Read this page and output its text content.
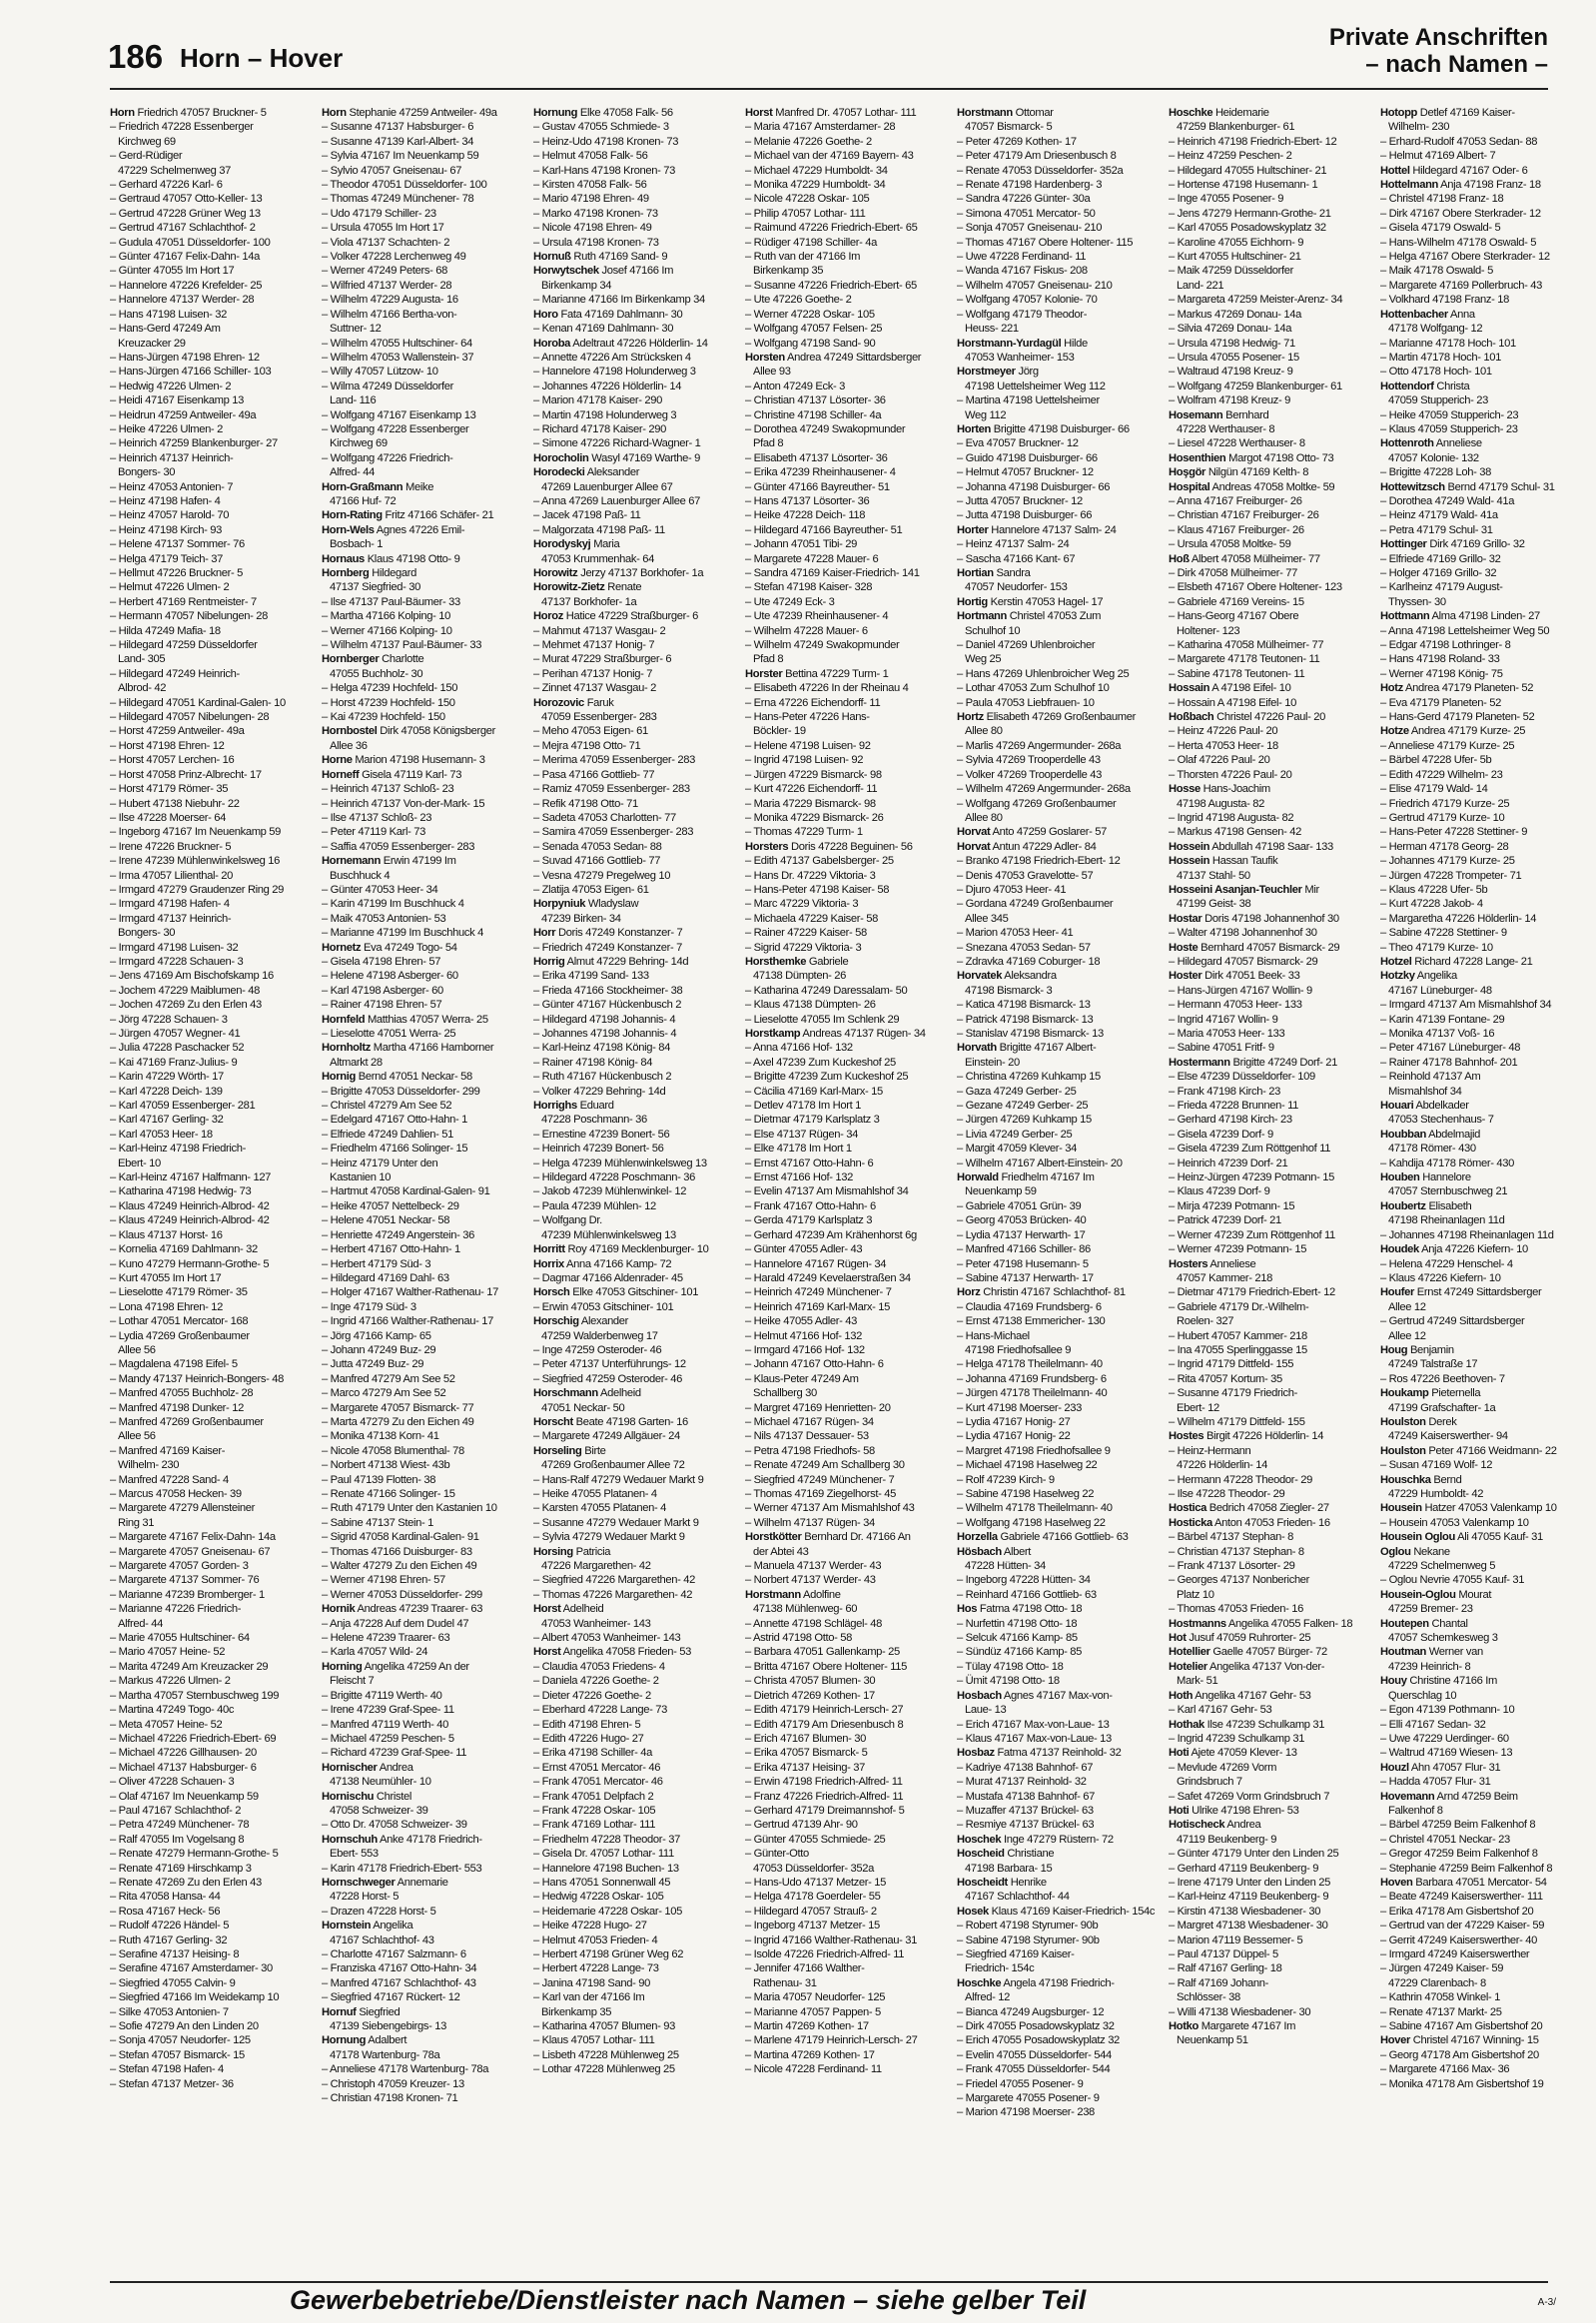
186 Horn – Hover
Private Anschriften
– nach Namen –
Horn Friedrich 47057 Bruckner- 5
– Friedrich 47228 Essenberger
Kirchweg 69
– Gerd-Rüdiger
47229 Schelmenweg 37
– Gerhard 47226 Karl- 6
– Gertraud 47057 Otto-Keller- 13
– Gertrud 47228 Grüner Weg 13
– Gertrud 47167 Schlachthof- 2
– Gudula 47051 Düsseldorfer- 100
– Günter 47167 Felix-Dahn- 14a
– Günter 47055 Im Hort 17
– Hannelore 47226 Krefelder- 25
– Hannelore 47137 Werder- 28
– Hans 47198 Luisen- 32
– Hans-Gerd 47249 Am
Kreuzacker 29
– Hans-Jürgen 47198 Ehren- 12
– Hans-Jürgen 47166 Schiller- 103
– Hedwig 47226 Ulmen- 2
– Heidi 47167 Eisenkamp 13
– Heidrun 47259 Antweiler- 49a
– Heike 47226 Ulmen- 2
– Heinrich 47259 Blankenburger- 27
– Heinrich 47137 Heinrich-
Bongers- 30
– Heinz 47053 Antonien- 7
– Heinz 47198 Hafen- 4
– Heinz 47057 Harold- 70
– Heinz 47198 Kirch- 93
– Helene 47137 Sommer- 76
– Helga 47179 Teich- 37
– Hellmut 47226 Bruckner- 5
– Helmut 47226 Ulmen- 2
– Herbert 47169 Rentmeister- 7
– Hermann 47057 Nibelungen- 28
– Hilda 47249 Mafia- 18
– Hildegard 47259 Düsseldorfer
Land- 305
– Hildegard 47249 Heinrich-
Albrod- 42
– Hildegard 47051 Kardinal-Galen- 10
– Hildegard 47057 Nibelungen- 28
– Horst 47259 Antweiler- 49a
– Horst 47198 Ehren- 12
– Horst 47057 Lerchen- 16
– Horst 47058 Prinz-Albrecht- 17
– Horst 47179 Römer- 35
– Hubert 47138 Niebuhr- 22
– Ilse 47228 Moerser- 64
– Ingeborg 47167 Im Neuenkamp 59
– Irene 47226 Bruckner- 5
– Irene 47239 Mühlenwinkelsweg 16
– Irma 47057 Lilienthal- 20
– Irmgard 47279 Graudenzer Ring 29
– Irmgard 47198 Hafen- 4
– Irmgard 47137 Heinrich-
Bongers- 30
– Irmgard 47198 Luisen- 32
– Irmgard 47228 Schauen- 3
– Jens 47169 Am Bischofskamp 16
– Jochem 47229 Maiblumen- 48
– Jochen 47269 Zu den Erlen 43
– Jörg 47228 Schauen- 3
– Jürgen 47057 Wegner- 41
– Julia 47228 Paschacker 52
– Kai 47169 Franz-Julius- 9
– Karin 47229 Wörth- 17
– Karl 47228 Deich- 139
– Karl 47059 Essenberger- 281
– Karl 47167 Gerling- 32
– Karl 47053 Heer- 18
– Karl-Heinz 47198 Friedrich-
Ebert- 10
– Karl-Heinz 47167 Halfmann- 127
– Katharina 47198 Hedwig- 73
– Klaus 47249 Heinrich-Albrod- 42
– Klaus 47249 Heinrich-Albrod- 42
– Klaus 47137 Horst- 16
– Kornelia 47169 Dahlmann- 32
– Kuno 47279 Hermann-Grothe- 5
– Kurt 47055 Im Hort 17
– Lieselotte 47179 Römer- 35
– Lona 47198 Ehren- 12
– Lothar 47051 Mercator- 168
– Lydia 47269 Großenbaumer
Allee 56
– Magdalena 47198 Eifel- 5
– Mandy 47137 Heinrich-Bongers- 48
– Manfred 47055 Buchholz- 28
– Manfred 47198 Dunker- 12
– Manfred 47269 Großenbaumer
Allee 56
– Manfred 47169 Kaiser-
Wilhelm- 230
– Manfred 47228 Sand- 4
– Marcus 47058 Hecken- 39
– Margarete 47279 Allensteiner
Ring 31
– Margarete 47167 Felix-Dahn- 14a
– Margarete 47057 Gneisenau- 67
– Margarete 47057 Gorden- 3
– Margarete 47137 Sommer- 76
– Marianne 47239 Bromberger- 1
– Marianne 47226 Friedrich-
Alfred- 44
– Marie 47055 Hultschiner- 64
– Mario 47057 Heine- 52
– Marita 47249 Am Kreuzacker 29
– Markus 47226 Ulmen- 2
– Martha 47057 Sternbuschweg 199
– Martina 47249 Togo- 40c
– Meta 47057 Heine- 52
– Michael 47226 Friedrich-Ebert- 69
– Michael 47226 Gillhausen- 20
– Michael 47137 Habsburger- 6
– Oliver 47228 Schauen- 3
– Olaf 47167 Im Neuenkamp 59
– Paul 47167 Schlachthof- 2
– Petra 47249 Münchener- 78
– Ralf 47055 Im Vogelsang 8
– Renate 47279 Hermann-Grothe- 5
– Renate 47169 Hirschkamp 3
– Renate 47269 Zu den Erlen 43
– Rita 47058 Hansa- 44
– Rosa 47167 Heck- 56
– Rudolf 47226 Händel- 5
– Ruth 47167 Gerling- 32
– Serafine 47137 Heising- 8
– Serafine 47167 Amsterdamer- 30
– Siegfried 47055 Calvin- 9
– Siegfried 47166 Im Weidekamp 10
– Silke 47053 Antonien- 7
– Sofie 47279 An den Linden 20
– Sonja 47057 Neudorfer- 125
– Stefan 47057 Bismarck- 15
– Stefan 47198 Hafen- 4
– Stefan 47137 Metzer- 36
Horn Stephanie 47259 Antweiler- 49a
– Susanne 47137 Habsburger- 6
– Susanne 47139 Karl-Albert- 34
– Sylvia 47167 Im Neuenkamp 59
– Sylvio 47057 Gneisenau- 67
– Theodor 47051 Düsseldorfer- 100
– Thomas 47249 Münchener- 78
– Udo 47179 Schiller- 23
– Ursula 47055 Im Hort 17
– Viola 47137 Schachten- 2
– Volker 47228 Lerchenweg 49
– Werner 47249 Peters- 68
– Wilfried 47137 Werder- 28
– Wilhelm 47229 Augusta- 16
– Wilhelm 47166 Bertha-von-
Suttner- 12
– Wilhelm 47055 Hultschiner- 64
– Wilhelm 47053 Wallenstein- 37
– Willy 47057 Lützow- 10
– Wilma 47249 Düsseldorfer
Land- 116
– Wolfgang 47167 Eisenkamp 13
– Wolfgang 47228 Essenberger
Kirchweg 69
– Wolfgang 47226 Friedrich-
Alfred- 44
Horn-Graßmann Meike
47166 Huf- 72
Horn-Rating Fritz 47166 Schäfer- 21
Horn-Wels Agnes 47226 Emil-
Bosbach- 1
Hornaus Klaus 47198 Otto- 9
Hornberg Hildegard
47137 Siegfried- 30
– Ilse 47137 Paul-Bäumer- 33
– Martha 47166 Kolping- 10
– Werner 47166 Kolping- 10
– Wilhelm 47137 Paul-Bäumer- 33
Hornberger Charlotte
47055 Buchholz- 30
– Helga 47239 Hochfeld- 150
– Horst 47239 Hochfeld- 150
– Kai 47239 Hochfeld- 150
Hornbostel Dirk 47058 Königsberger
Allee 36
Horne Marion 47198 Husemann- 3
Horneff Gisela 47119 Karl- 73
– Heinrich 47137 Schloß- 23
– Heinrich 47137 Von-der-Mark- 15
– Ilse 47137 Schloß- 23
– Peter 47119 Karl- 73
– Saffia 47059 Essenberger- 283
Hornemann Erwin 47199 Im
Buschhuck 4
– Günter 47053 Heer- 34
– Karin 47199 Im Buschhuck 4
– Maik 47053 Antonien- 53
– Marianne 47199 Im Buschhuck 4
Hornetz Eva 47249 Togo- 54
– Gisela 47198 Ehren- 57
– Helene 47198 Asberger- 60
– Karl 47198 Asberger- 60
– Rainer 47198 Ehren- 57
Hornfeld Matthias 47057 Werra- 25
– Lieselotte 47051 Werra- 25
Hornholtz Martha 47166 Hamborner
Altmarkt 28
Hornig Bernd 47051 Neckar- 58
– Brigitte 47053 Düsseldorfer- 299
– Christel 47279 Am See 52
– Edelgard 47167 Otto-Hahn- 1
– Elfriede 47249 Dahlien- 51
– Friedhelm 47166 Solinger- 15
– Heinz 47179 Unter den
Kastanien 10
– Hartmut 47058 Kardinal-Galen- 91
– Heike 47057 Nettelbeck- 29
– Helene 47051 Neckar- 58
– Henriette 47249 Angerstein- 36
– Herbert 47167 Otto-Hahn- 1
– Herbert 47179 Süd- 3
– Hildegard 47169 Dahl- 63
– Holger 47167 Walther-Rathenau- 17
– Inge 47179 Süd- 3
– Ingrid 47166 Walther-Rathenau- 17
– Jörg 47166 Kamp- 65
– Johann 47249 Buz- 29
– Jutta 47249 Buz- 29
– Manfred 47279 Am See 52
– Marco 47279 Am See 52
– Margarete 47057 Bismarck- 77
– Marta 47279 Zu den Eichen 49
– Monika 47138 Korn- 41
– Nicole 47058 Blumenthal- 78
– Norbert 47138 Wiest- 43b
– Paul 47139 Flotten- 38
– Renate 47166 Solinger- 15
– Ruth 47179 Unter den Kastanien 10
– Sabine 47137 Stein- 1
– Sigrid 47058 Kardinal-Galen- 91
– Thomas 47166 Duisburger- 83
– Walter 47279 Zu den Eichen 49
– Werner 47198 Ehren- 57
– Werner 47053 Düsseldorfer- 299
Hornik Andreas 47239 Traarer- 63
– Anja 47228 Auf dem Dudel 47
– Helene 47239 Traarer- 63
– Karla 47057 Wild- 24
Horning Angelika 47259 An der
Fleischt 7
– Brigitte 47119 Werth- 40
– Irene 47239 Graf-Spee- 11
– Manfred 47119 Werth- 40
– Michael 47259 Peschen- 5
– Richard 47239 Graf-Spee- 11
Hornischer Andrea
47138 Neumühler- 10
Hornischu Christel
47058 Schweizer- 39
– Otto Dr. 47058 Schweizer- 39
Hornschuh Anke 47178 Friedrich-
Ebert- 553
– Karin 47178 Friedrich-Ebert- 553
Hornschweger Annemarie
47228 Horst- 5
– Drazen 47228 Horst- 5
Hornstein Angelika
47167 Schlachthof- 43
– Charlotte 47167 Salzmann- 6
– Franziska 47167 Otto-Hahn- 34
– Manfred 47167 Schlachthof- 43
– Siegfried 47167 Rückert- 12
Hornuf Siegfried
47139 Siebengebirgs- 13
Hornung Adalbert
47178 Wartenburg- 78a
– Anneliese 47178 Wartenburg- 78a
– Christoph 47059 Kreuzer- 13
– Christian 47198 Kronen- 71
Hornung Elke 47058 Falk- 56
– Gustav 47055 Schmiede- 3
– Heinz-Udo 47198 Kronen- 73
– Helmut 47058 Falk- 56
– Karl-Hans 47198 Kronen- 73
– Kirsten 47058 Falk- 56
– Mario 47198 Ehren- 49
– Marko 47198 Kronen- 73
– Nicole 47198 Ehren- 49
– Ursula 47198 Kronen- 73
Hornuß Ruth 47169 Sand- 9
Horwytschek Josef 47166 Im
Birkenkamp 34
– Marianne 47166 Im Birkenkamp 34
Horo Fata 47169 Dahlmann- 30
– Kenan 47169 Dahlmann- 30
Horoba Adeltraut 47226 Hölderlin- 14
– Annette 47226 Am Strücksken 4
– Hannelore 47198 Holunderweg 3
– Johannes 47226 Hölderlin- 14
– Marion 47178 Kaiser- 290
– Martin 47198 Holunderweg 3
– Richard 47178 Kaiser- 290
– Simone 47226 Richard-Wagner- 1
Horocholin Wasyl 47169 Warthe- 9
Horodecki Aleksander
47269 Lauenburger Allee 67
– Anna 47269 Lauenburger Allee 67
– Jacek 47198 Paß- 11
– Malgorzata 47198 Paß- 11
Horodyskyj Maria
47053 Krummenhak- 64
Horowitz Jerzy 47137 Borkhofer- 1a
Horowitz-Zietz Renate
47137 Borkhofer- 1a
Horoz Hatice 47229 Straßburger- 6
– Mahmut 47137 Wasgau- 2
– Mehmet 47137 Honig- 7
– Murat 47229 Straßburger- 6
– Perihan 47137 Honig- 7
– Zinnet 47137 Wasgau- 2
Horozovic Faruk
47059 Essenberger- 283
– Meho 47053 Eigen- 61
– Mejra 47198 Otto- 71
– Merima 47059 Essenberger- 283
– Pasa 47166 Gottlieb- 77
– Ramiz 47059 Essenberger- 283
– Refik 47198 Otto- 71
– Sadeta 47053 Charlotten- 77
– Samira 47059 Essenberger- 283
– Senada 47053 Sedan- 88
– Suvad 47166 Gottlieb- 77
– Vesna 47279 Pregelweg 10
– Zlatija 47053 Eigen- 61
Horpyniuk Wladyslaw
47239 Birken- 34
Horr Doris 47249 Konstanzer- 7
– Friedrich 47249 Konstanzer- 7
Horrig Almut 47229 Behring- 14d
– Erika 47199 Sand- 133
– Frieda 47166 Stockheimer- 38
– Günter 47167 Hückenbusch 2
– Hildegard 47198 Johannis- 4
– Johannes 47198 Johannis- 4
– Karl-Heinz 47198 König- 84
– Rainer 47198 König- 84
– Ruth 47167 Hückenbusch 2
– Volker 47229 Behring- 14d
Horrighs Eduard
47228 Poschmann- 36
– Ernestine 47239 Bonert- 56
– Heinrich 47239 Bonert- 56
– Helga 47239 Mühlenwinkelsweg 13
– Hildegard 47228 Poschmann- 36
– Jakob 47239 Mühlenwinkel- 12
– Paula 47239 Mühlen- 12
– Wolfgang Dr.
47239 Mühlenwinkelsweg 13
Horritt Roy 47169 Mecklenburger- 10
Horrix Anna 47166 Kamp- 72
– Dagmar 47166 Aldenrader- 45
Horsch Elke 47053 Gitschiner- 101
– Erwin 47053 Gitschiner- 101
Horschig Alexander
47259 Walderbenweg 17
– Inge 47259 Osteroder- 46
– Peter 47137 Unterführungs- 12
– Siegfried 47259 Osteroder- 46
Horschmann Adelheid
47051 Neckar- 50
Horscht Beate 47198 Garten- 16
– Margarete 47249 Allgäuer- 24
Horseling Birte
47269 Großenbaumer Allee 72
– Hans-Ralf 47279 Wedauer Markt 9
– Heike 47055 Platanen- 4
– Karsten 47055 Platanen- 4
– Susanne 47279 Wedauer Markt 9
– Sylvia 47279 Wedauer Markt 9
Horsing Patricia
47226 Margarethen- 42
– Siegfried 47226 Margarethen- 42
– Thomas 47226 Margarethen- 42
Horst Adelheid
47053 Wanheimer- 143
– Albert 47053 Wanheimer- 143
Horst Angelika 47058 Frieden- 53
– Claudia 47053 Friedens- 4
– Daniela 47226 Goethe- 2
– Dieter 47226 Goethe- 2
– Eberhard 47228 Lange- 73
– Edith 47198 Ehren- 5
– Edith 47226 Hugo- 27
– Erika 47198 Schiller- 4a
– Ernst 47051 Mercator- 46
– Frank 47051 Mercator- 46
– Frank 47051 Delpfach 2
– Frank 47228 Oskar- 105
– Frank 47169 Lothar- 111
– Friedhelm 47228 Theodor- 37
– Gisela Dr. 47057 Lothar- 111
– Hannelore 47198 Buchen- 13
– Hans 47051 Sonnenwall 45
– Hedwig 47228 Oskar- 105
– Heidemarie 47228 Oskar- 105
– Heike 47228 Hugo- 27
– Helmut 47053 Frieden- 4
– Herbert 47198 Grüner Weg 62
– Herbert 47228 Lange- 73
– Janina 47198 Sand- 90
– Karl van der 47166 Im
Birkenkamp 35
– Katharina 47057 Blumen- 93
– Klaus 47057 Lothar- 111
– Lisbeth 47228 Mühlenweg 25
– Lothar 47228 Mühlenweg 25
Horst Manfred Dr. 47057 Lothar- 111
– Maria 47167 Amsterdamer- 28
– Melanie 47226 Goethe- 2
– Michael van der 47169 Bayern- 43
– Michael 47229 Humboldt- 34
– Monika 47229 Humboldt- 34
– Nicole 47228 Oskar- 105
– Philip 47057 Lothar- 111
– Raimund 47226 Friedrich-Ebert- 65
– Rüdiger 47198 Schiller- 4a
– Ruth van der 47166 Im
Birkenkamp 35
– Susanne 47226 Friedrich-Ebert- 65
– Ute 47226 Goethe- 2
– Werner 47228 Oskar- 105
– Wolfgang 47057 Felsen- 25
– Wolfgang 47198 Sand- 90
Horsten Andrea 47249 Sittardsberger
Allee 93
– Anton 47249 Eck- 3
– Christian 47137 Lösorter- 36
– Christine 47198 Schiller- 4a
– Dorothea 47249 Swakopmunder
Pfad 8
– Elisabeth 47137 Lösorter- 36
– Erika 47239 Rheinhausener- 4
– Günter 47166 Bayreuther- 51
– Hans 47137 Lösorter- 36
– Heike 47228 Deich- 118
– Hildegard 47166 Bayreuther- 51
– Johann 47051 Tibi- 29
– Margarete 47228 Mauer- 6
– Sandra 47169 Kaiser-Friedrich- 141
– Stefan 47198 Kaiser- 328
– Ute 47249 Eck- 3
– Ute 47239 Rheinhausener- 4
– Wilhelm 47228 Mauer- 6
– Wilhelm 47249 Swakopmunder
Pfad 8
Horster Bettina 47229 Turm- 1
– Elisabeth 47226 In der Rheinau 4
– Erna 47226 Eichendorff- 11
– Hans-Peter 47226 Hans-
Böckler- 19
– Helene 47198 Luisen- 92
– Ingrid 47198 Luisen- 92
– Jürgen 47229 Bismarck- 98
– Kurt 47226 Eichendorff- 11
– Maria 47229 Bismarck- 98
– Monika 47229 Bismarck- 26
– Thomas 47229 Turm- 1
Horsters Doris 47228 Beguinen- 56
– Edith 47137 Gabelsberger- 25
– Hans Dr. 47229 Viktoria- 3
– Hans-Peter 47198 Kaiser- 58
– Marc 47229 Viktoria- 3
– Michaela 47229 Kaiser- 58
– Rainer 47229 Kaiser- 58
– Sigrid 47229 Viktoria- 3
Horsthemke Gabriele
47138 Dümpten- 26
– Katharina 47249 Daressalam- 50
– Klaus 47138 Dümpten- 26
– Lieselotte 47055 Im Schlenk 29
Horstkamp Andreas 47137 Rügen- 34
– Anna 47166 Hof- 132
– Axel 47239 Zum Kuckeshof 25
– Brigitte 47239 Zum Kuckeshof 25
– Cäcilia 47169 Karl-Marx- 15
– Detlev 47178 Im Hort 1
– Dietmar 47179 Karlsplatz 3
– Else 47137 Rügen- 34
– Elke 47178 Im Hort 1
– Ernst 47167 Otto-Hahn- 6
– Ernst 47166 Hof- 132
– Evelin 47137 Am Mismahlshof 34
– Frank 47167 Otto-Hahn- 6
– Gerda 47179 Karlsplatz 3
– Gerhard 47239 Am Krähenhorst 6g
– Günter 47055 Adler- 43
– Hannelore 47167 Rügen- 34
– Harald 47249 Kevelaerstraßen 34
– Heinrich 47249 Münchener- 7
– Heinrich 47169 Karl-Marx- 15
– Heike 47055 Adler- 43
– Helmut 47166 Hof- 132
– Irmgard 47166 Hof- 132
– Johann 47167 Otto-Hahn- 6
– Klaus-Peter 47249 Am
Schallberg 30
– Margret 47169 Henrietten- 20
– Michael 47167 Rügen- 34
– Nils 47137 Dessauer- 53
– Petra 47198 Friedhofs- 58
– Renate 47249 Am Schallberg 30
– Siegfried 47249 Münchener- 7
– Thomas 47169 Ziegelhorst- 45
– Werner 47137 Am Mismahlshof 43
– Wilhelm 47137 Rügen- 34
Horstkötter Bernhard Dr. 47166 An
der Abtei 43
– Manuela 47137 Werder- 43
– Norbert 47137 Werder- 43
Horstmann Adolfine
47138 Mühlenweg- 60
– Annette 47198 Schlägel- 48
– Astrid 47198 Otto- 58
– Barbara 47051 Gallenkamp- 25
– Britta 47167 Obere Holtener- 115
– Christa 47057 Blumen- 30
– Dietrich 47269 Kothen- 17
– Edith 47179 Heinrich-Lersch- 27
– Edith 47179 Am Driesenbusch 8
– Erich 47167 Blumen- 30
– Erika 47057 Bismarck- 5
– Erika 47137 Heising- 37
– Erwin 47198 Friedrich-Alfred- 11
– Franz 47226 Friedrich-Alfred- 11
– Gerhard 47179 Dreimannshof- 5
– Gertrud 47139 Ahr- 90
– Günter 47055 Schmiede- 25
– Günter-Otto
47053 Düsseldorfer- 352a
– Hans-Udo 47137 Metzer- 15
– Helga 47178 Goerdeler- 55
– Hildegard 47057 Strauß- 2
– Ingeborg 47137 Metzer- 15
– Ingrid 47166 Walther-Rathenau- 31
– Isolde 47226 Friedrich-Alfred- 11
– Jennifer 47166 Walther-
Rathenau- 31
– Maria 47057 Neudorfer- 125
– Marianne 47057 Pappen- 5
– Martin 47269 Kothen- 17
– Marlene 47179 Heinrich-Lersch- 27
– Martina 47269 Kothen- 17
– Nicole 47228 Ferdinand- 11
Horstmann Ottomar
47057 Bismarck- 5
– Peter 47269 Kothen- 17
– Peter 47179 Am Driesenbusch 8
– Renate 47053 Düsseldorfer- 352a
– Renate 47198 Hardenberg- 3
– Sandra 47226 Günter- 30a
– Simona 47051 Mercator- 50
– Sonja 47057 Gneisenau- 210
– Thomas 47167 Obere Holtener- 115
– Uwe 47228 Ferdinand- 11
– Wanda 47167 Fiskus- 208
– Wilhelm 47057 Gneisenau- 210
– Wolfgang 47057 Kolonie- 70
– Wolfgang 47179 Theodor-
Heuss- 221
Horstmann-Yurdagül Hilde
47053 Wanheimer- 153
Horstmeyer Jörg
47198 Uettelsheimer Weg 112
– Martina 47198 Uettelsheimer
Weg 112
Horten Brigitte 47198 Duisburger- 66
– Eva 47057 Bruckner- 12
– Guido 47198 Duisburger- 66
– Helmut 47057 Bruckner- 12
– Johanna 47198 Duisburger- 66
– Jutta 47057 Bruckner- 12
– Jutta 47198 Duisburger- 66
Horter Hannelore 47137 Salm- 24
– Heinz 47137 Salm- 24
– Sascha 47166 Kant- 67
Hortian Sandra
47057 Neudorfer- 153
Hortig Kerstin 47053 Hagel- 17
Hortmann Christel 47053 Zum
Schulhof 10
– Daniel 47269 Uhlenbroicher
Weg 25
– Hans 47269 Uhlenbroicher Weg 25
– Lothar 47053 Zum Schulhof 10
– Paula 47053 Liebfrauen- 10
Hortz Elisabeth 47269 Großenbaumer
Allee 80
– Marlis 47269 Angermunder- 268a
– Sylvia 47269 Trooperdelle 43
– Volker 47269 Trooperdelle 43
– Wilhelm 47269 Angermunder- 268a
– Wolfgang 47269 Großenbaumer
Allee 80
Horvat Anto 47259 Goslarer- 57
Horvat Antun 47229 Adler- 84
– Branko 47198 Friedrich-Ebert- 12
– Denis 47053 Gravelotte- 57
– Djuro 47053 Heer- 41
– Gordana 47249 Großenbaumer
Allee 345
– Marion 47053 Heer- 41
– Snezana 47053 Sedan- 57
– Zdravka 47169 Coburger- 18
Horvatek Aleksandra
47198 Bismarck- 3
– Katica 47198 Bismarck- 13
– Patrick 47198 Bismarck- 13
– Stanislav 47198 Bismarck- 13
Horvath Brigitte 47167 Albert-
Einstein- 20
– Christina 47269 Kuhkamp 15
– Gaza 47249 Gerber- 25
– Gezane 47249 Gerber- 25
– Jürgen 47269 Kuhkamp 15
– Livia 47249 Gerber- 25
– Margit 47059 Klever- 34
– Wilhelm 47167 Albert-Einstein- 20
Horwald Friedhelm 47167 Im
Neuenkamp 59
– Gabriele 47051 Grün- 39
– Georg 47053 Brücken- 40
– Lydia 47137 Herwarth- 17
– Manfred 47166 Schiller- 86
– Peter 47198 Husemann- 5
– Sabine 47137 Herwarth- 17
Horz Christin 47167 Schlachthof- 81
– Claudia 47169 Frundsberg- 6
– Ernst 47138 Emmericher- 130
– Hans-Michael
47198 Friedhofsallee 9
– Helga 47178 Theilelmann- 40
– Johanna 47169 Frundsberg- 6
– Jürgen 47178 Theilelmann- 40
– Kurt 47198 Moerser- 233
– Lydia 47167 Honig- 27
– Lydia 47167 Honig- 22
– Margret 47198 Friedhofsallee 9
– Michael 47198 Haselweg 22
– Rolf 47239 Kirch- 9
– Sabine 47198 Haselweg 22
– Wilhelm 47178 Theilelmann- 40
– Wolfgang 47198 Haselweg 22
Horzella Gabriele 47166 Gottlieb- 63
Hösbach Albert
47228 Hütten- 34
– Ingeborg 47228 Hütten- 34
– Reinhard 47166 Gottlieb- 63
Hos Fatma 47198 Otto- 18
– Nurfettin 47198 Otto- 18
– Selcuk 47166 Kamp- 85
– Sündüz 47166 Kamp- 85
– Tülay 47198 Otto- 18
– Ümit 47198 Otto- 18
Hosbach Agnes 47167 Max-von-
Laue- 13
– Erich 47167 Max-von-Laue- 13
– Klaus 47167 Max-von-Laue- 13
Hosbaz Fatma 47137 Reinhold- 32
– Kadriye 47138 Bahnhof- 67
– Murat 47137 Reinhold- 32
– Mustafa 47138 Bahnhof- 67
– Muzaffer 47137 Brückel- 63
– Resmiye 47137 Brückel- 63
Hoschek Inge 47279 Rüstern- 72
Hoscheid Christiane
47198 Barbara- 15
Hoscheidt Henrike
47167 Schlachthof- 44
Hosek Klaus 47169 Kaiser-Friedrich- 154c
– Robert 47198 Styrumer- 90b
– Sabine 47198 Styrumer- 90b
– Siegfried 47169 Kaiser-
Friedrich- 154c
Hoschke Angela 47198 Friedrich-
Alfred- 12
– Bianca 47249 Augsburger- 12
– Dirk 47055 Posadowskyplatz 32
– Erich 47055 Posadowskyplatz 32
– Evelin 47055 Düsseldorfer- 544
– Frank 47055 Düsseldorfer- 544
– Friedel 47055 Posener- 9
– Margarete 47055 Posener- 9
– Marion 47198 Moerser- 238
Hoschke Heidemarie
47259 Blankenburger- 61
– Heinrich 47198 Friedrich-Ebert- 12
– Heinz 47259 Peschen- 2
– Hildegard 47055 Hultschiner- 21
– Hortense 47198 Husemann- 1
– Inge 47055 Posener- 9
– Jens 47279 Hermann-Grothe- 21
– Karl 47055 Posadowskyplatz 32
– Karoline 47055 Eichhorn- 9
– Kurt 47055 Hultschiner- 21
– Maik 47259 Düsseldorfer
Land- 221
– Margareta 47259 Meister-Arenz- 34
– Markus 47269 Donau- 14a
– Silvia 47269 Donau- 14a
– Ursula 47198 Hedwig- 71
– Ursula 47055 Posener- 15
– Waltraud 47198 Kreuz- 9
– Wolfgang 47259 Blankenburger- 61
– Wolfram 47198 Kreuz- 9
Hosemann Bernhard
47228 Werthauser- 8
– Liesel 47228 Werthauser- 8
Hosenthien Margot 47198 Otto- 73
Hoşgör Nilgün 47169 Kelth- 8
Hospital Andreas 47058 Moltke- 59
– Anna 47167 Freiburger- 26
– Christian 47167 Freiburger- 26
– Klaus 47167 Freiburger- 26
– Ursula 47058 Moltke- 59
Hoß Albert 47058 Mülheimer- 77
– Dirk 47058 Mülheimer- 77
– Elsbeth 47167 Obere Holtener- 123
– Gabriele 47169 Vereins- 15
– Hans-Georg 47167 Obere
Holtener- 123
– Katharina 47058 Mülheimer- 77
– Margarete 47178 Teutonen- 11
– Sabine 47178 Teutonen- 11
Hossain A 47198 Eifel- 10
– Hossain A 47198 Eifel- 10
Hoßbach Christel 47226 Paul- 20
– Heinz 47226 Paul- 20
– Herta 47053 Heer- 18
– Olaf 47226 Paul- 20
– Thorsten 47226 Paul- 20
Hosse Hans-Joachim
47198 Augusta- 82
– Ingrid 47198 Augusta- 82
– Markus 47198 Gensen- 42
Hossein Abdullah 47198 Saar- 133
Hossein Hassan Taufik
47137 Stahl- 50
Hosseini Asanjan-Teuchler Mir
47199 Geist- 38
Hostar Doris 47198 Johannenhof 30
– Walter 47198 Johannenhof 30
Hoste Bernhard 47057 Bismarck- 29
– Hildegard 47057 Bismarck- 29
Hoster Dirk 47051 Beek- 33
– Hans-Jürgen 47167 Wollin- 9
– Hermann 47053 Heer- 133
– Ingrid 47167 Wollin- 9
– Maria 47053 Heer- 133
– Sabine 47051 Fritf- 9
Hostermann Brigitte 47249 Dorf- 21
– Else 47239 Düsseldorfer- 109
– Frank 47198 Kirch- 23
– Frieda 47228 Brunnen- 11
– Gerhard 47198 Kirch- 23
– Gisela 47239 Dorf- 9
– Gisela 47239 Zum Röttgenhof 11
– Heinrich 47239 Dorf- 21
– Heinz-Jürgen 47239 Potmann- 15
– Klaus 47239 Dorf- 9
– Mirja 47239 Potmann- 15
– Patrick 47239 Dorf- 21
– Werner 47239 Zum Röttgenhof 11
– Werner 47239 Potmann- 15
Hosters Anneliese
47057 Kammer- 218
– Dietmar 47179 Friedrich-Ebert- 12
– Gabriele 47179 Dr.-Wilhelm-
Roelen- 327
– Hubert 47057 Kammer- 218
– Ina 47055 Sperlinggasse 15
– Ingrid 47179 Dittfeld- 155
– Rita 47057 Kortum- 35
– Susanne 47179 Friedrich-
Ebert- 12
– Wilhelm 47179 Dittfeld- 155
Hostes Birgit 47226 Hölderlin- 14
– Heinz-Hermann
47226 Hölderlin- 14
– Hermann 47228 Theodor- 29
– Ilse 47228 Theodor- 29
Hostica Bedrich 47058 Ziegler- 27
Hosticka Anton 47053 Frieden- 16
– Bärbel 47137 Stephan- 8
– Christian 47137 Stephan- 8
– Frank 47137 Lösorter- 29
– Georges 47137 Nonbericher
Platz 10
– Thomas 47053 Frieden- 16
Hostmanns Angelika 47055 Falken- 18
Hot Jusuf 47059 Ruhrorter- 25
Hotellier Gaelle 47057 Bürger- 72
Hotelier Angelika 47137 Von-der-
Mark- 51
Hoth Angelika 47167 Gehr- 53
– Karl 47167 Gehr- 53
Hothak Ilse 47239 Schulkamp 31
– Ingrid 47239 Schulkamp 31
Hoti Ajete 47059 Klever- 13
– Mevlude 47269 Vorm
Grindsbruch 7
– Safet 47269 Vorm Grindsbruch 7
Hoti Ulrike 47198 Ehren- 53
Hotischeck Andrea
47119 Beukenberg- 9
– Günter 47179 Unter den Linden 25
– Gerhard 47119 Beukenberg- 9
– Irene 47179 Unter den Linden 25
– Karl-Heinz 47119 Beukenberg- 9
– Kirstin 47138 Wiesbadener- 30
– Margret 47138 Wiesbadener- 30
– Marion 47119 Bessemer- 5
– Paul 47137 Düppel- 5
– Ralf 47167 Gerling- 18
– Ralf 47169 Johann-
Schlösser- 38
– Willi 47138 Wiesbadener- 30
Hotko Margarete 47167 Im
Neuenkamp 51
Hotopp Detlef 47169 Kaiser-
Wilhelm- 230
– Erhard-Rudolf 47053 Sedan- 88
– Helmut 47169 Albert- 7
Hottel Hildegard 47167 Oder- 6
Hottelmann Anja 47198 Franz- 18
– Christel 47198 Franz- 18
– Dirk 47167 Obere Sterkrader- 12
– Gisela 47179 Oswald- 5
– Hans-Wilhelm 47178 Oswald- 5
– Helga 47167 Obere Sterkrader- 12
– Maik 47178 Oswald- 5
– Margarete 47169 Pollerbruch- 43
– Volkhard 47198 Franz- 18
Hottenbacher Anna
47178 Wolfgang- 12
– Marianne 47178 Hoch- 101
– Martin 47178 Hoch- 101
– Otto 47178 Hoch- 101
Hottendorf Christa
47059 Stupperich- 23
– Heike 47059 Stupperich- 23
– Klaus 47059 Stupperich- 23
Hottenroth Anneliese
47057 Kolonie- 132
– Brigitte 47228 Loh- 38
Hottewitzsch Bernd 47179 Schul- 31
– Dorothea 47249 Wald- 41a
– Heinz 47179 Wald- 41a
– Petra 47179 Schul- 31
Hottinger Dirk 47169 Grillo- 32
– Elfriede 47169 Grillo- 32
– Holger 47169 Grillo- 32
– Karlheinz 47179 August-
Thyssen- 30
Hottmann Alma 47198 Linden- 27
– Anna 47198 Lettelsheimer Weg 50
– Edgar 47198 Lothringer- 8
– Hans 47198 Roland- 33
– Werner 47198 König- 75
Hotz Andrea 47179 Planeten- 52
– Eva 47179 Planeten- 52
– Hans-Gerd 47179 Planeten- 52
Hotze Andrea 47179 Kurze- 25
– Anneliese 47179 Kurze- 25
– Bärbel 47228 Ufer- 5b
– Edith 47229 Wilhelm- 23
– Elise 47179 Wald- 14
– Friedrich 47179 Kurze- 25
– Gertrud 47179 Kurze- 10
– Hans-Peter 47228 Stettiner- 9
– Herman 47178 Georg- 28
– Johannes 47179 Kurze- 25
– Jürgen 47228 Trompeter- 71
– Klaus 47228 Ufer- 5b
– Kurt 47228 Jakob- 4
– Margaretha 47226 Hölderlin- 14
– Sabine 47228 Stettiner- 9
– Theo 47179 Kurze- 10
Hotzel Richard 47228 Lange- 21
Hotzky Angelika
47167 Lüneburger- 48
– Irmgard 47137 Am Mismahlshof 34
– Karin 47139 Fontane- 29
– Monika 47137 Voß- 16
– Peter 47167 Lüneburger- 48
– Rainer 47178 Bahnhof- 201
– Reinhold 47137 Am
Mismahlshof 34
Houari Abdelkader
47053 Stechenhaus- 7
Houbban Abdelmajid
47178 Römer- 430
– Kahdija 47178 Römer- 430
Houben Hannelore
47057 Sternbuschweg 21
Houbertz Elisabeth
47198 Rheinanlagen 11d
– Johannes 47198 Rheinanlagen 11d
Houdek Anja 47226 Kiefern- 10
– Helena 47229 Henschel- 4
– Klaus 47226 Kiefern- 10
Houfer Ernst 47249 Sittardsberger
Allee 12
– Gertrud 47249 Sittardsberger
Allee 12
Houg Benjamin
47249 Talstraße 17
– Ros 47226 Beethoven- 7
Houkamp Pieternella
47199 Grafschafter- 1a
Houlston Derek
47249 Kaiserswerther- 94
Houlston Peter 47166 Weidmann- 22
– Susan 47169 Wolf- 12
Houschka Bernd
47229 Humboldt- 42
Housein Hatzer 47053 Valenkamp 10
– Housein 47053 Valenkamp 10
Housein Oglou Ali 47055 Kauf- 31
Oglou Nekane
47229 Schelmenweg 5
– Oglou Nevrie 47055 Kauf- 31
Housein-Oglou Mourat
47259 Bremer- 23
Houtepen Chantal
47057 Schemkesweg 3
Houtman Werner van
47239 Heinrich- 8
Houy Christine 47166 Im
Querschlag 10
– Egon 47139 Pothmann- 10
– Elli 47167 Sedan- 32
– Uwe 47229 Uerdinger- 60
– Waltrud 47169 Wiesen- 13
Houzl Ahn 47057 Flur- 31
– Hadda 47057 Flur- 31
Hovemann Arnd 47259 Beim
Falkenhof 8
– Bärbel 47259 Beim Falkenhof 8
– Christel 47051 Neckar- 23
– Gregor 47259 Beim Falkenhof 8
– Stephanie 47259 Beim Falkenhof 8
Hoven Barbara 47051 Mercator- 54
– Beate 47249 Kaiserswerther- 111
– Erika 47178 Am Gisbertshof 20
– Gertrud van der 47229 Kaiser- 59
– Gerrit 47249 Kaiserswerther- 40
– Irmgard 47249 Kaiserswerther
– Jürgen 47249 Kaiser- 59
47229 Clarenbach- 8
– Kathrin 47058 Winkel- 1
– Renate 47137 Markt- 25
– Sabine 47167 Am Gisbertshof 20
Hover Christel 47167 Winning- 15
– Georg 47178 Am Gisbertshof 20
– Margarete 47166 Max- 36
– Monika 47178 Am Gisbertshof 19
Gewerbebetriebe/Dienstleister nach Namen – siehe gelber Teil	A-3/
